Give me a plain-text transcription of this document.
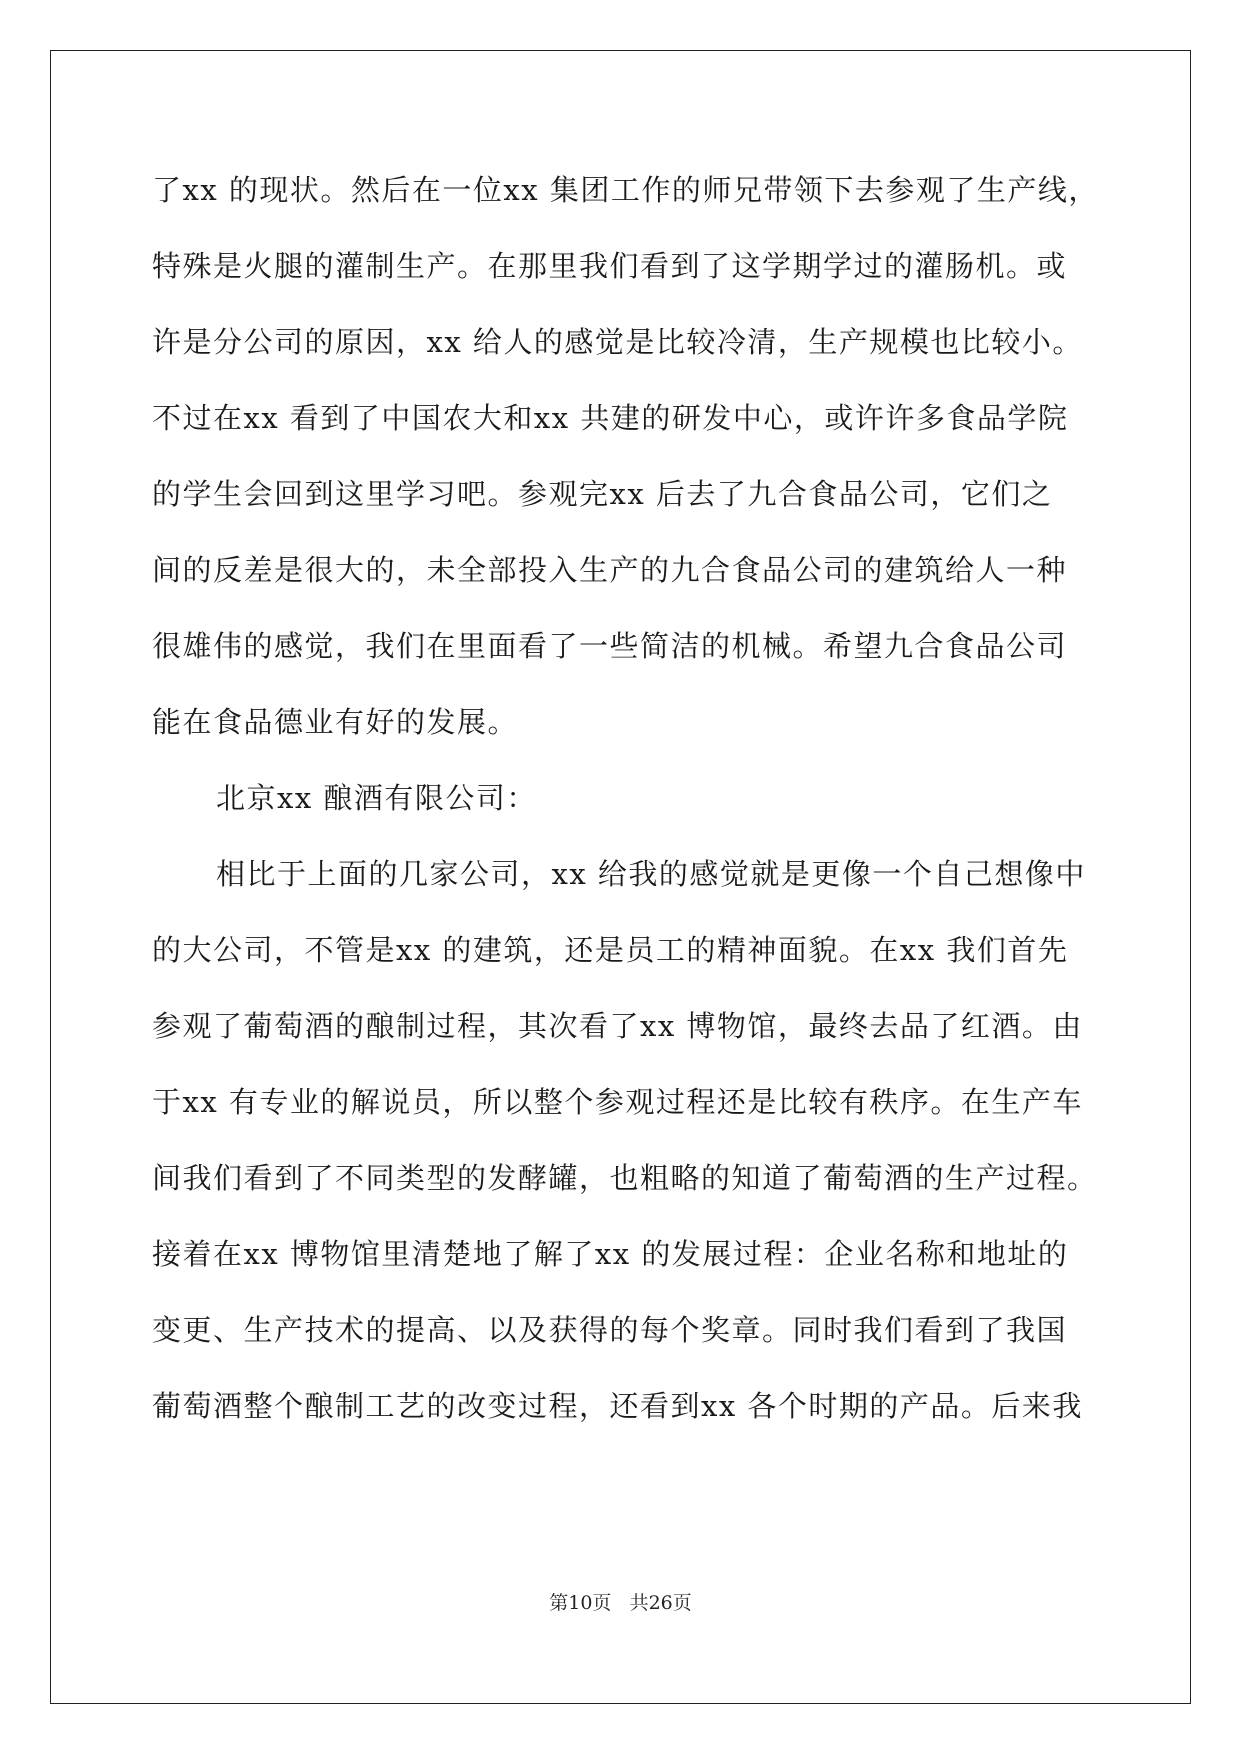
了xx 的现状。然后在一位xx 集团工作的师兄带领下去参观了生产线，
特殊是火腿的灌制生产。在那里我们看到了这学期学过的灌肠机。或
许是分公司的原因，xx 给人的感觉是比较冷清，生产规模也比较小。
不过在xx 看到了中国农大和xx 共建的研发中心，或许许多食品学院
的学生会回到这里学习吧。参观完xx 后去了九合食品公司，它们之
间的反差是很大的，未全部投入生产的九合食品公司的建筑给人一种
很雄伟的感觉，我们在里面看了一些简洁的机械。希望九合食品公司
能在食品德业有好的发展。
北京xx 酿酒有限公司：
相比于上面的几家公司，xx 给我的感觉就是更像一个自己想像中
的大公司，不管是xx 的建筑，还是员工的精神面貌。在xx 我们首先
参观了葡萄酒的酿制过程，其次看了xx 博物馆，最终去品了红酒。由
于xx 有专业的解说员，所以整个参观过程还是比较有秩序。在生产车
间我们看到了不同类型的发酵罐，也粗略的知道了葡萄酒的生产过程。
接着在xx 博物馆里清楚地了解了xx 的发展过程：企业名称和地址的
变更、生产技术的提高、以及获得的每个奖章。同时我们看到了我国
葡萄酒整个酿制工艺的改变过程，还看到xx 各个时期的产品。后来我
第10页 共26页
